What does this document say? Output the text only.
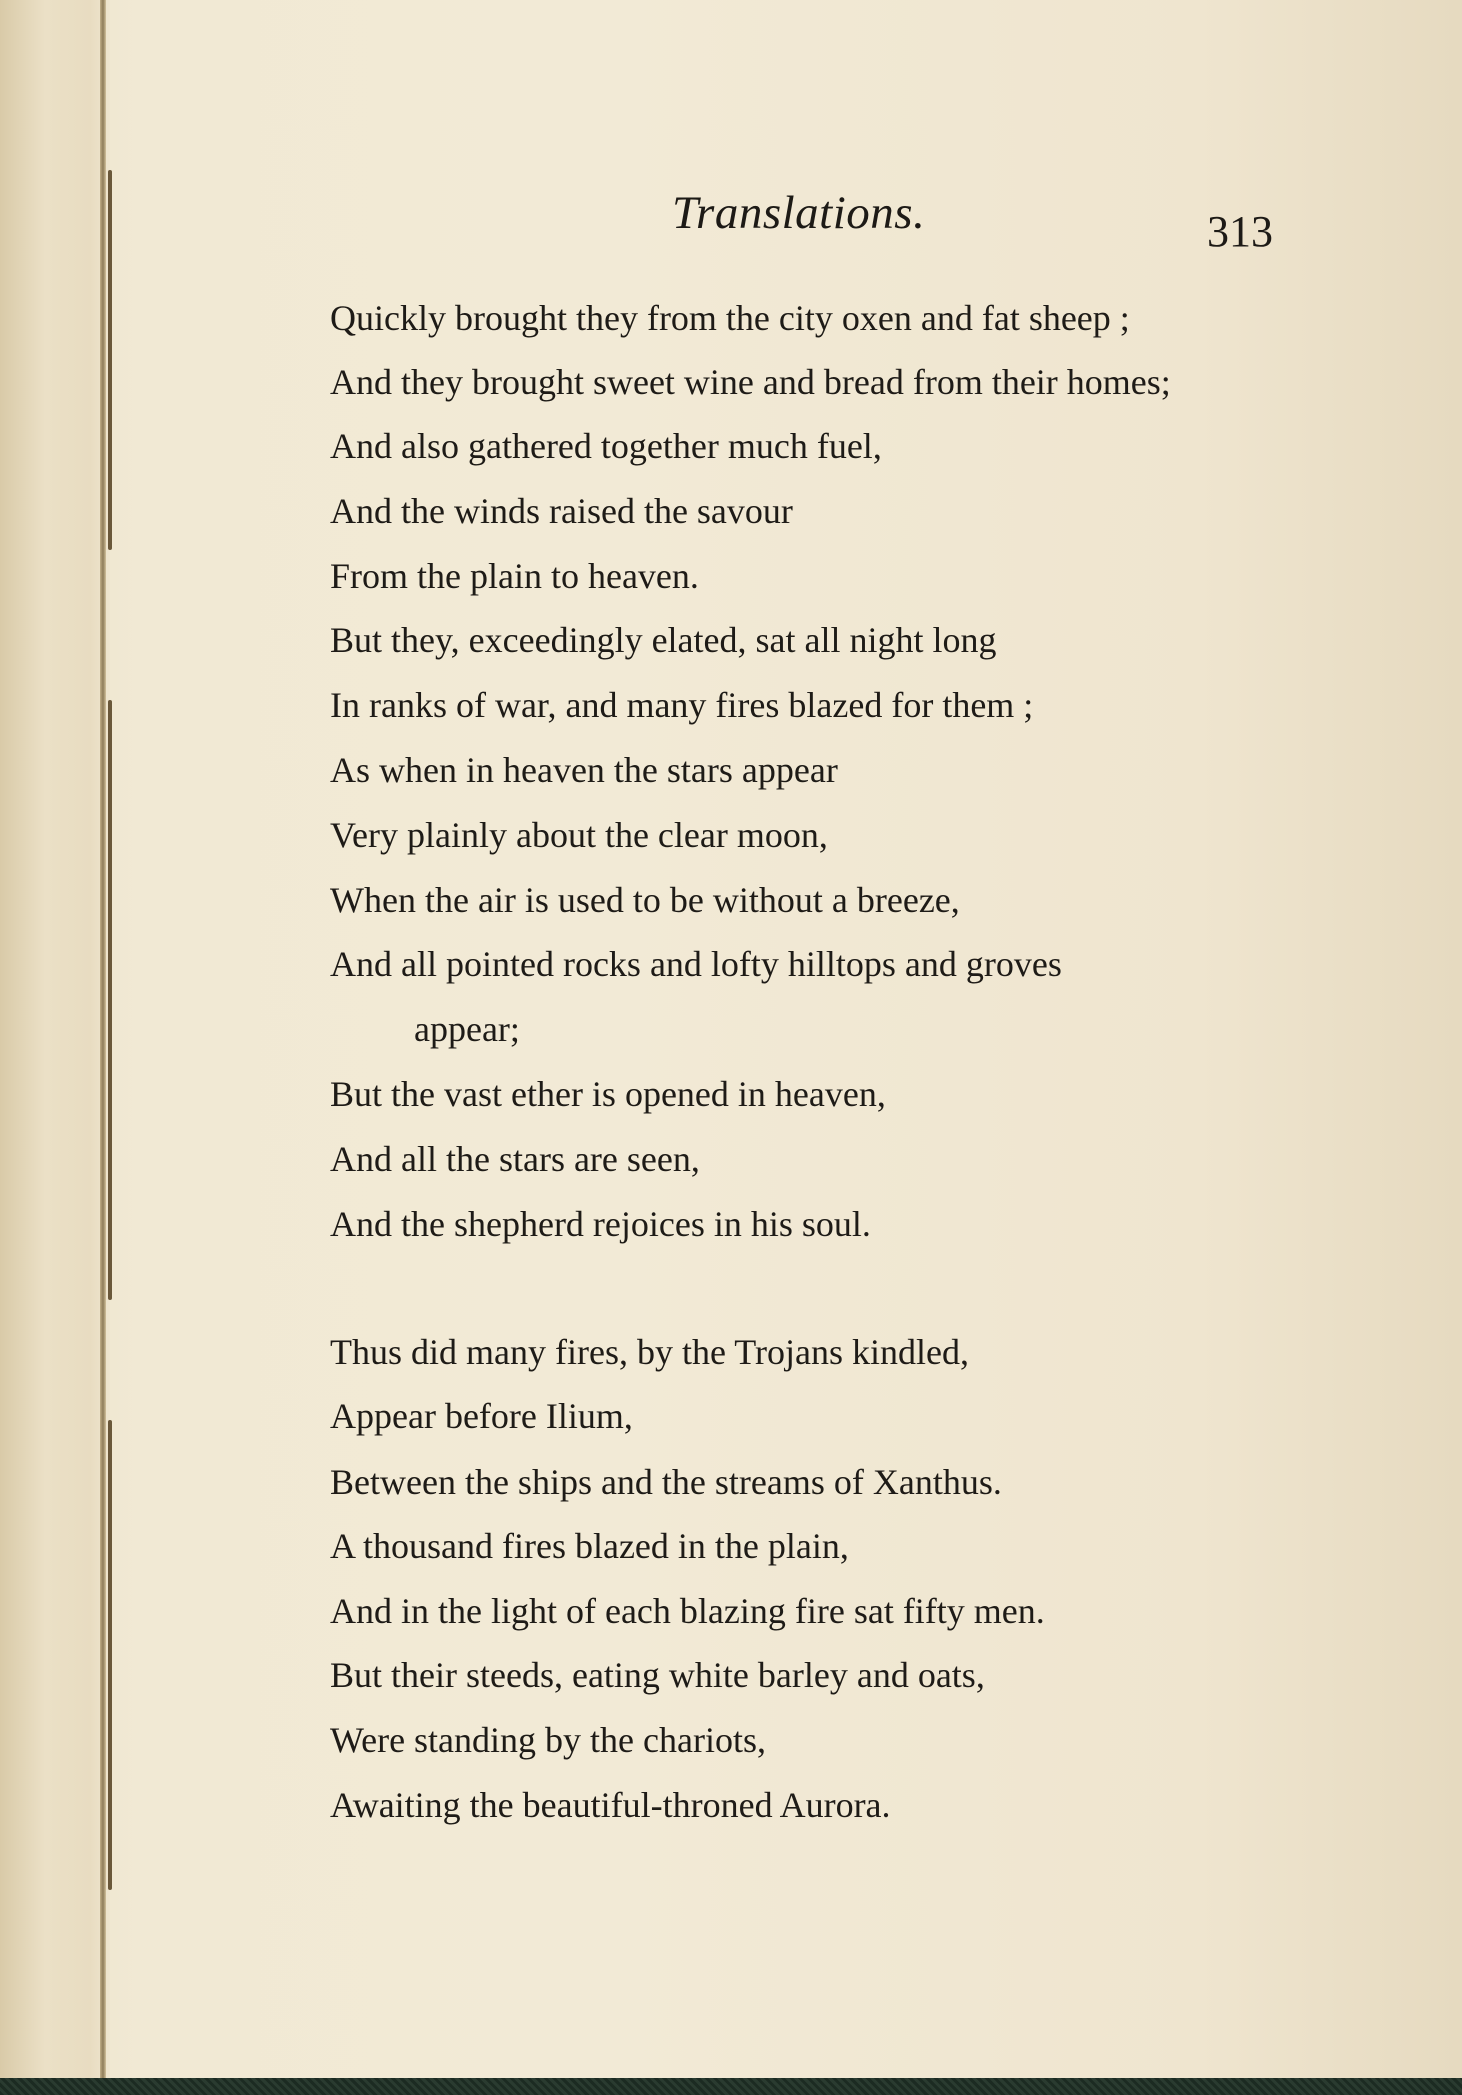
Translations.	313
Quickly brought they from the city oxen and fat sheep ;
And they brought sweet wine and bread from their homes;
And also gathered together much fuel,
And the winds raised the savour
From the plain to heaven.
But they, exceedingly elated, sat all night long
In ranks of war, and many fires blazed for them ;
As when in heaven the stars appear
Very plainly about the clear moon,
When the air is used to be without a breeze,
And all pointed rocks and lofty hilltops and groves
appear;
But the vast ether is opened in heaven,
And all the stars are seen,
And the shepherd rejoices in his soul.
Thus did many fires, by the Trojans kindled,
Appear before Ilium,
Between the ships and the streams of Xanthus.
A thousand fires blazed in the plain,
And in the light of each blazing fire sat fifty men.
But their steeds, eating white barley and oats,
Were standing by the chariots,
Awaiting the beautiful-throned Aurora.
